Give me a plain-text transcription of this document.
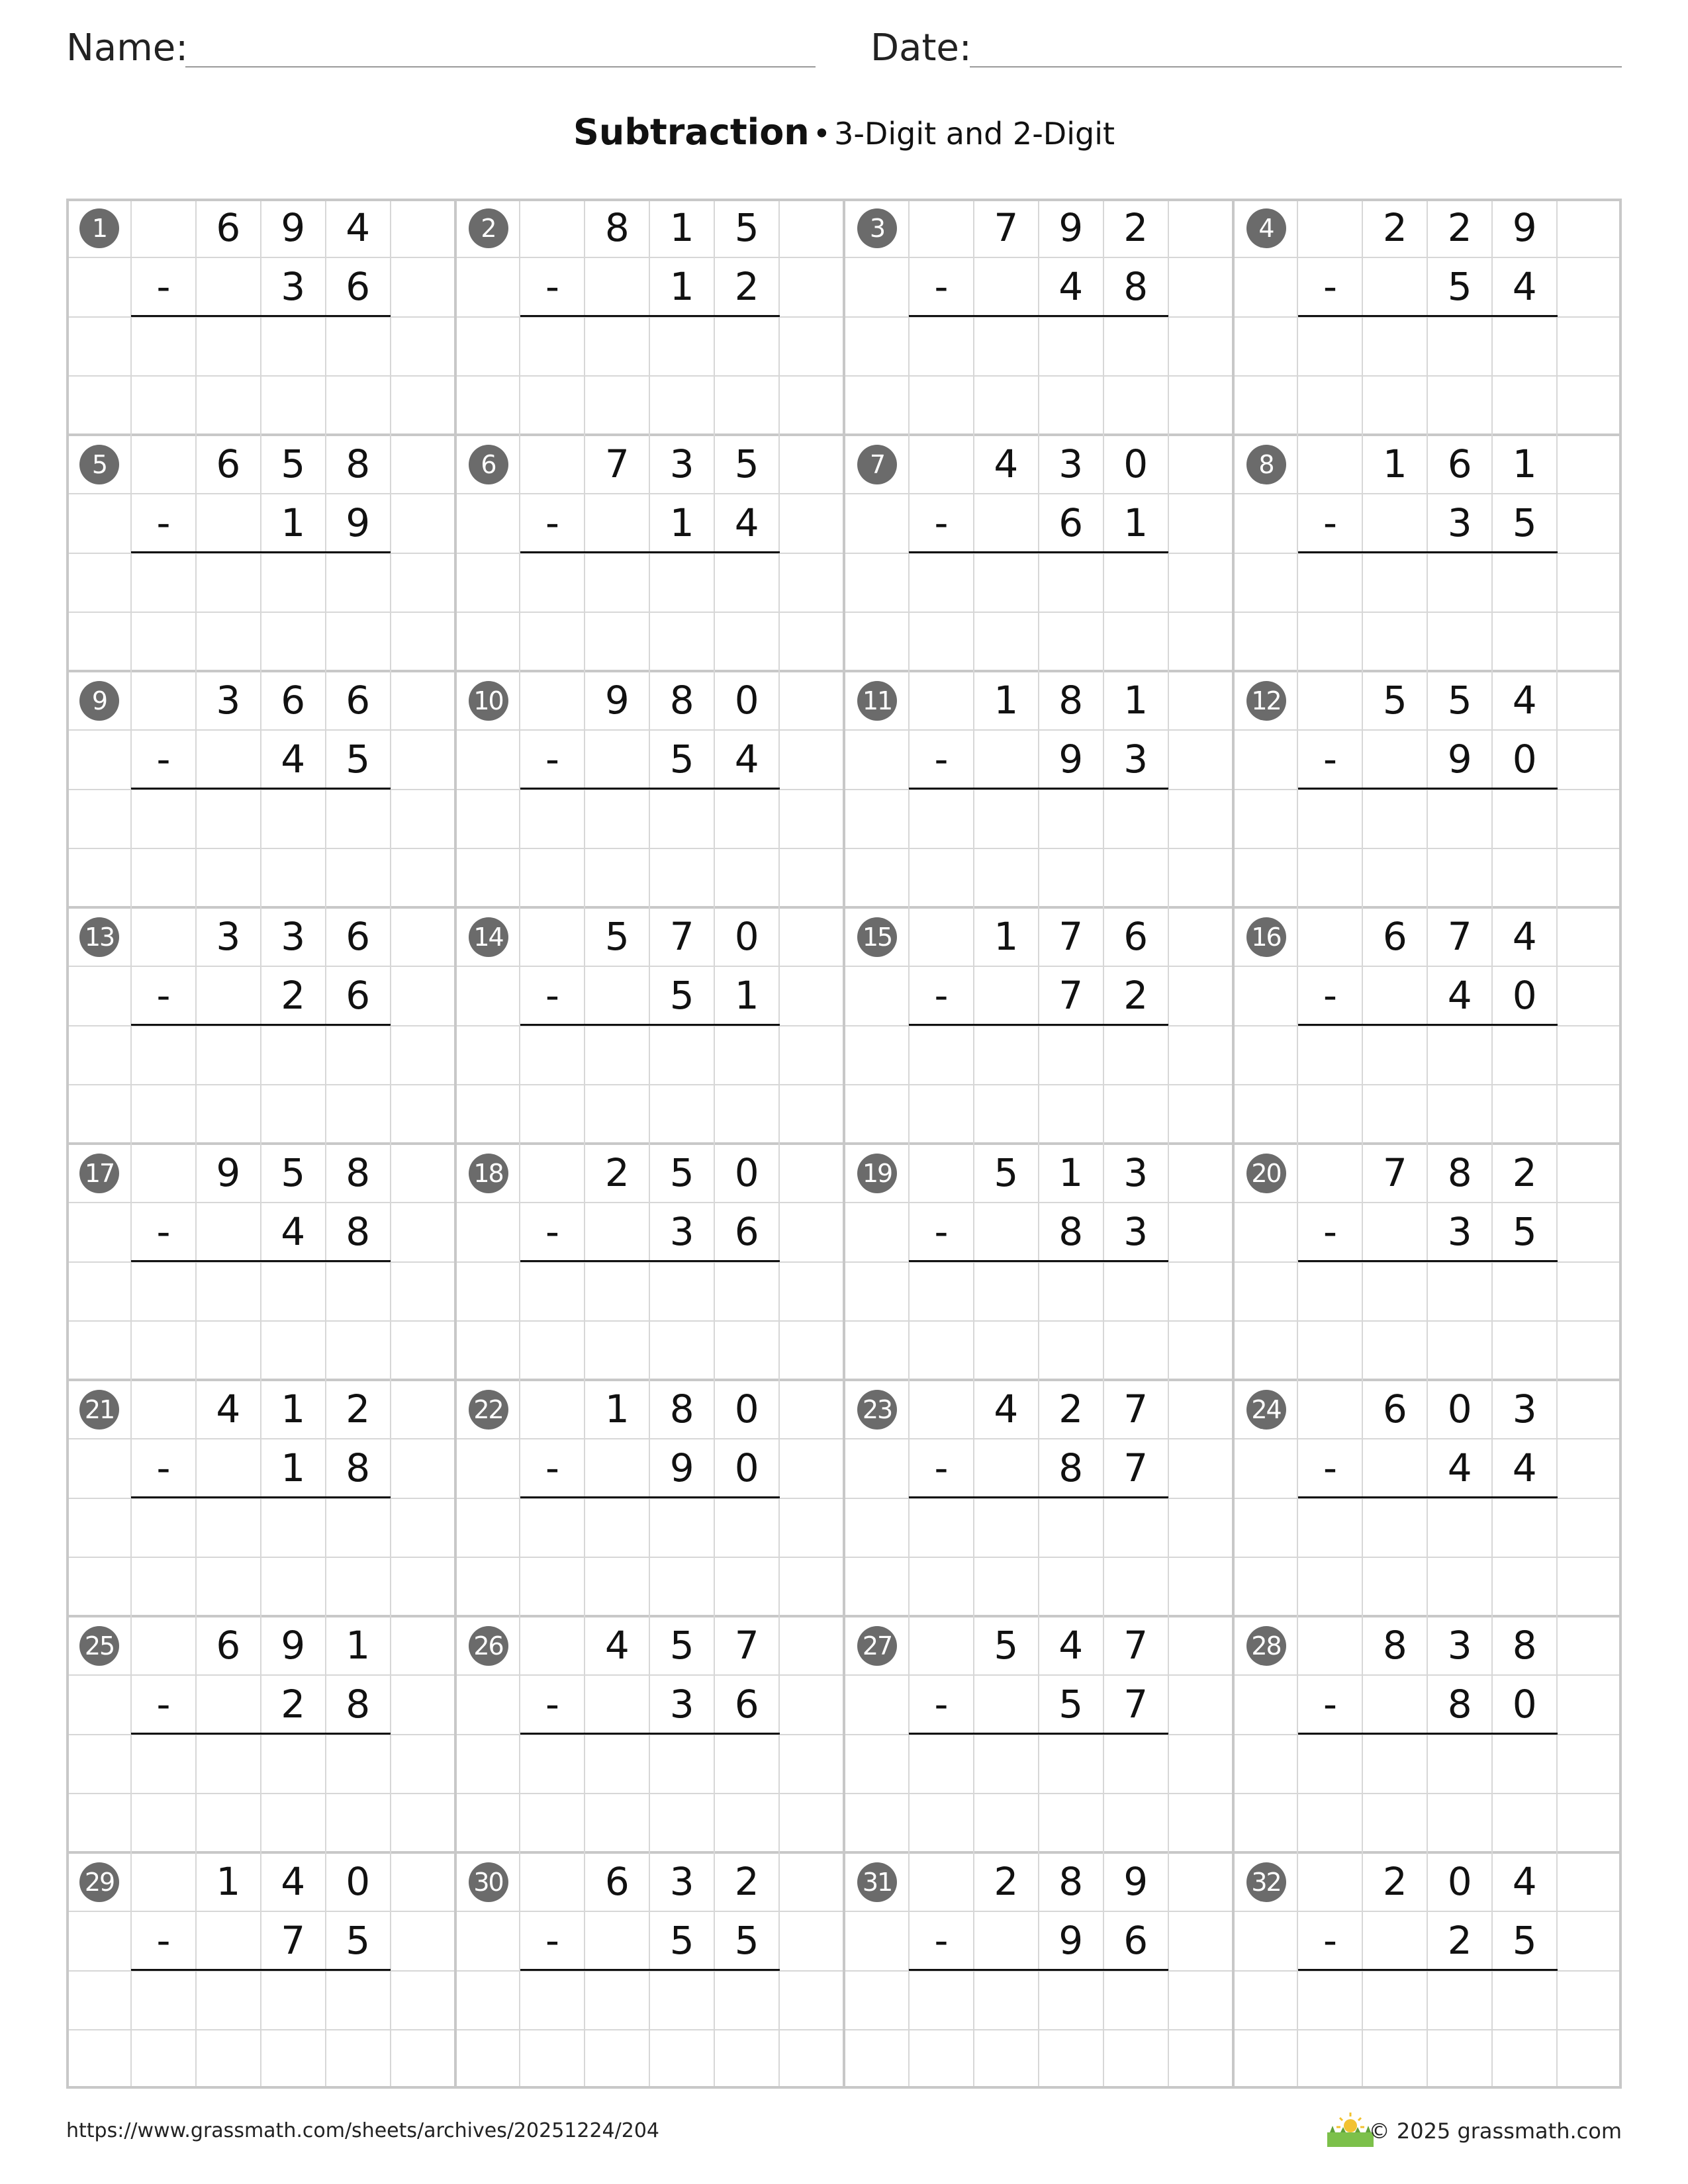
Name:	Date:
Subtraction • 3-Digit and 2-Digit
1	6	9	4
-	3	6
2	8	1	5
-	1	2
3	7	9	2
-	4	8
4	2	2	9
-	5	4
5	6	5	8
-	1	9
6	7	3	5
-	1	4
7	4	3	0
-	6	1
8	1	6	1
-	3	5
9	3	6	6
-	4	5
10	9	8	0
-	5	4
11	1	8	1
-	9	3
12	5	5	4
-	9	0
13	3	3	6
-	2	6
14	5	7	0
-	5	1
15	1	7	6
-	7	2
16	6	7	4
-	4	0
17	9	5	8
-	4	8
18	2	5	0
-	3	6
19	5	1	3
-	8	3
20	7	8	2
-	3	5
21	4	1	2
-	1	8
22	1	8	0
-	9	0
23	4	2	7
-	8	7
24	6	0	3
-	4	4
25	6	9	1
-	2	8
26	4	5	7
-	3	6
27	5	4	7
-	5	7
28	8	3	8
-	8	0
29	1	4	0
-	7	5
30	6	3	2
-	5	5
31	2	8	9
-	9	6
32	2	0	4
-	2	5
https://www.grassmath.com/sheets/archives/20251224/204	© 2025 grassmath.com
